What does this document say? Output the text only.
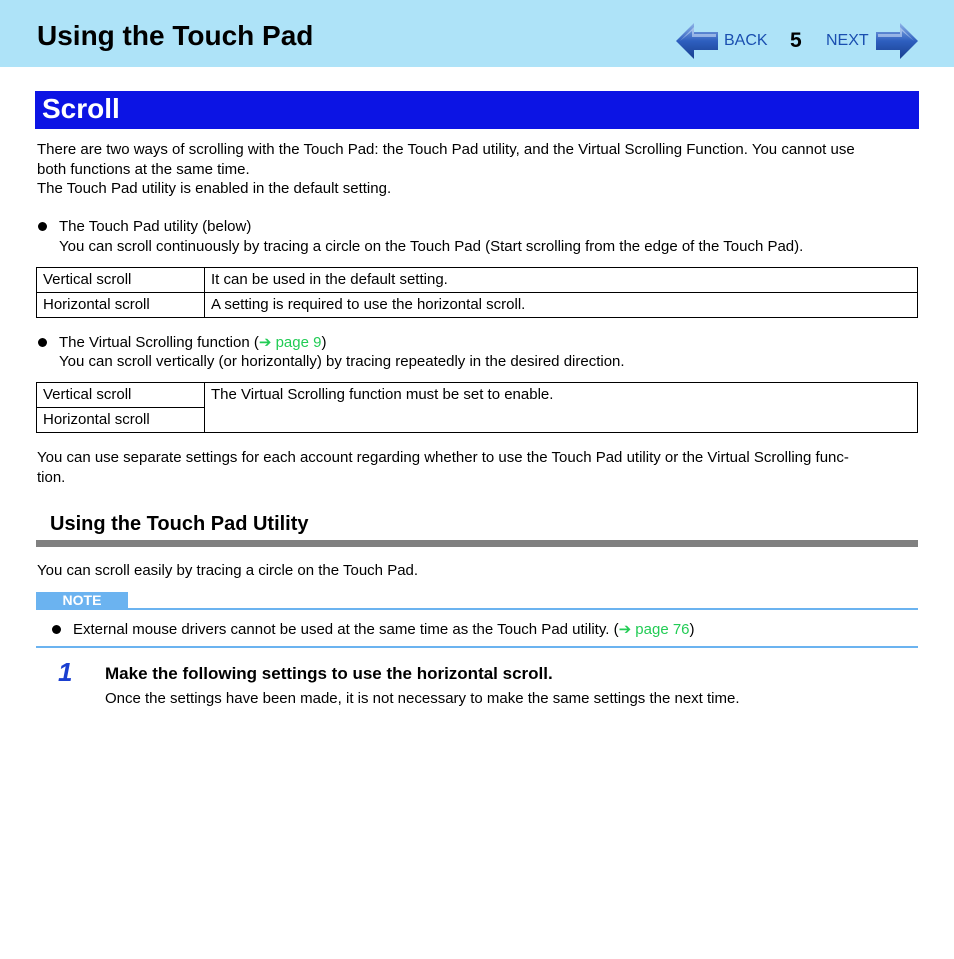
Using the Touch Pad	BACK 5 NEXT
Scroll

There are two ways of scrolling with the Touch Pad: the Touch Pad utility, and the Virtual Scrolling Function. You cannot use

both functions at the same time.

The Touch Pad utility is enabled in the default setting.

The Touch Pad utility (below)

You can scroll continuously by tracing a circle on the Touch Pad (Start scrolling from the edge of the Touch Pad).

Vertical scroll	It can be used in the default setting.
Horizontal scroll	A setting is required to use the horizontal scroll.

The Virtual Scrolling function (➔ page 9)

You can scroll vertically (or horizontally) by tracing repeatedly in the desired direction.

Vertical scroll	The Virtual Scrolling function must be set to enable.
Horizontal scroll

You can use separate settings for each account regarding whether to use the Touch Pad utility or the Virtual Scrolling func-

tion.

Using the Touch Pad Utility

You can scroll easily by tracing a circle on the Touch Pad.

NOTE

External mouse drivers cannot be used at the same time as the Touch Pad utility. (➔ page 76)

1 Make the following settings to use the horizontal scroll.

Once the settings have been made, it is not necessary to make the same settings the next time.
